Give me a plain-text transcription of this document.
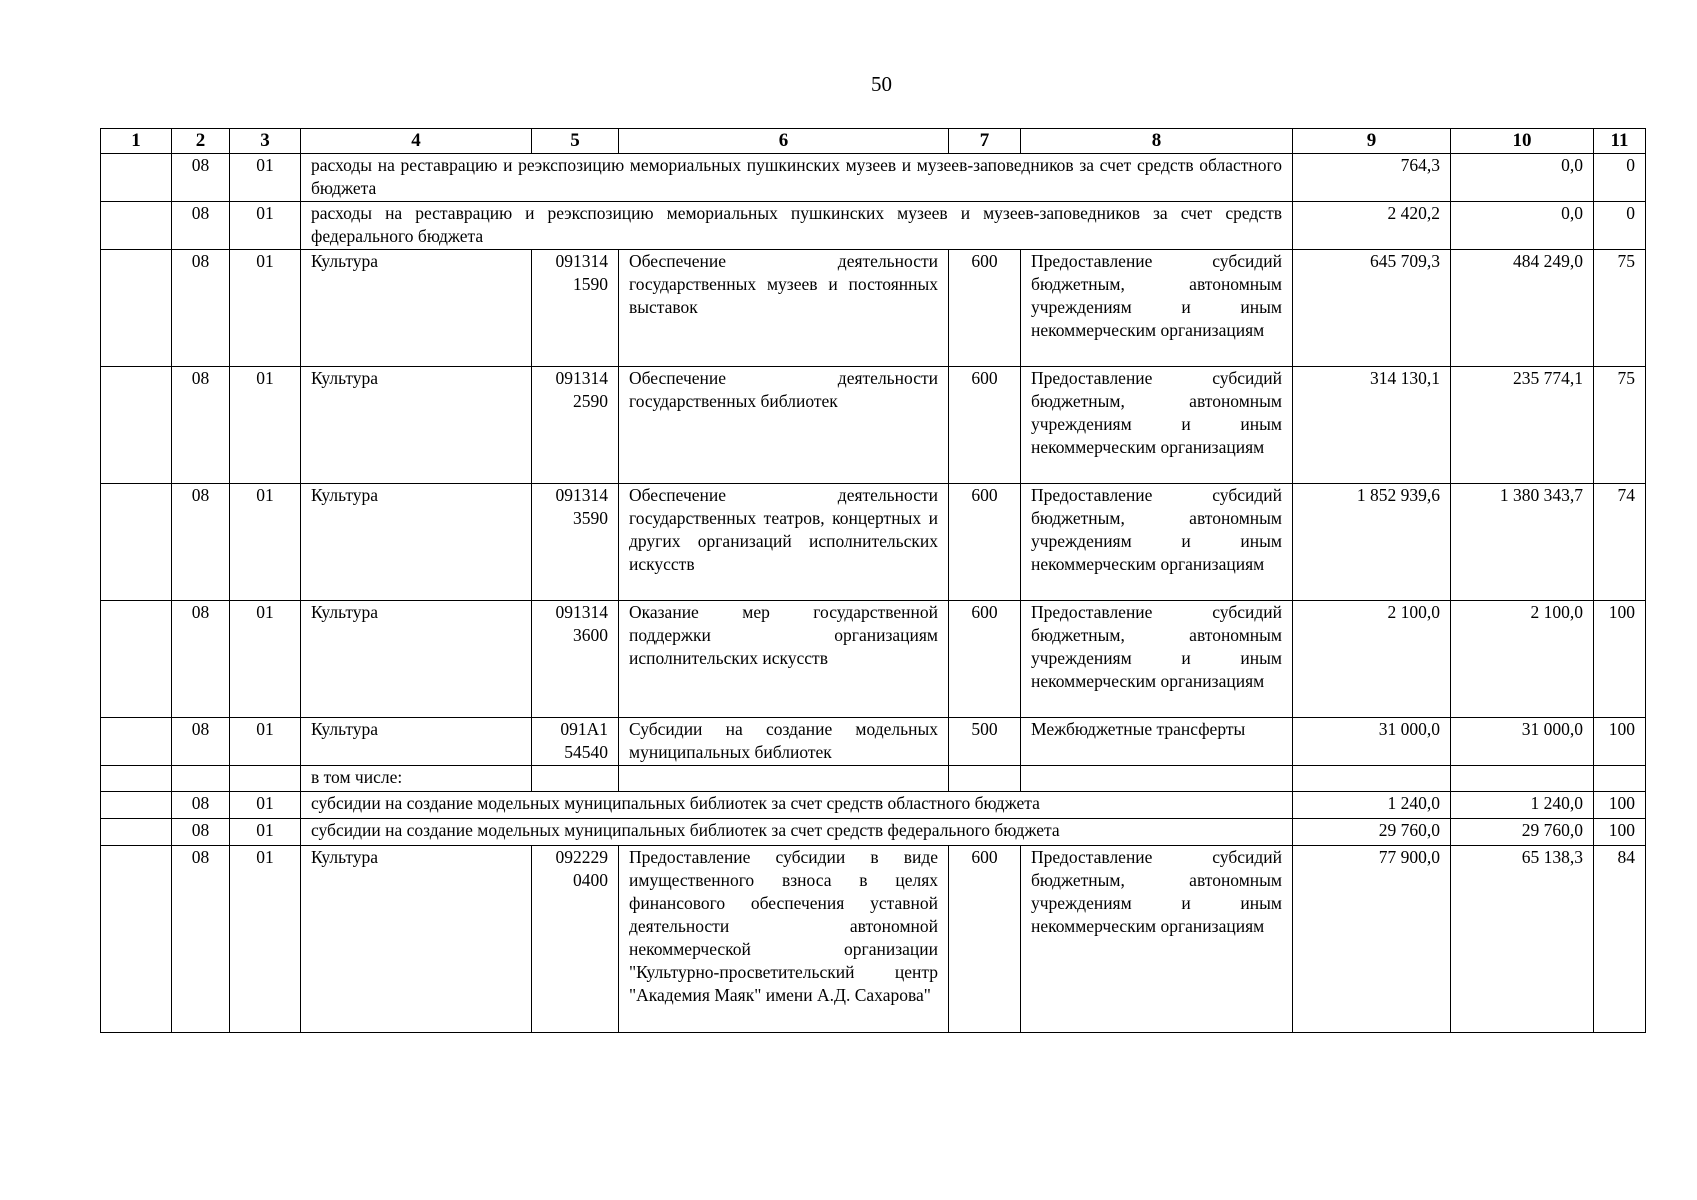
50
1	2	3	4	5	6	7	8	9	10	11
	08	01	расходы на реставрацию и реэкспозицию мемориальных пушкинских музеев и музеев-заповедников за счет средств областного бюджета					764,3	0,0	0
	08	01	расходы на реставрацию и реэкспозицию мемориальных пушкинских музеев и музеев-заповедников за счет средств федерального бюджета					2 420,2	0,0	0
	08	01	Культура	091314
1590	Обеспечение деятельности государственных музеев и постоянных выставок	600	Предоставление субсидий бюджетным, автономным учреждениям и иным некоммерческим организациям	645 709,3	484 249,0	75
	08	01	Культура	091314
2590	Обеспечение деятельности государственных библиотек	600	Предоставление субсидий бюджетным, автономным учреждениям и иным некоммерческим организациям	314 130,1	235 774,1	75
	08	01	Культура	091314
3590	Обеспечение деятельности государственных театров, концертных и других организаций исполнительских искусств	600	Предоставление субсидий бюджетным, автономным учреждениям и иным некоммерческим организациям	1 852 939,6	1 380 343,7	74
	08	01	Культура	091314
3600	Оказание мер государственной поддержки организациям исполнительских искусств	600	Предоставление субсидий бюджетным, автономным учреждениям и иным некоммерческим организациям	2 100,0	2 100,0	100
	08	01	Культура	091A1
54540	Субсидии на создание модельных муниципальных библиотек	500	Межбюджетные трансферты	31 000,0	31 000,0	100
			в том числе:							
	08	01	субсидии на создание модельных муниципальных библиотек за счет средств областного бюджета					1 240,0	1 240,0	100
	08	01	субсидии на создание модельных муниципальных библиотек за счет средств федерального бюджета					29 760,0	29 760,0	100
	08	01	Культура	092229
0400	Предоставление субсидии в виде имущественного взноса в целях финансового обеспечения уставной деятельности автономной некоммерческой организации "Культурно-просветительский центр "Академия Маяк" имени А.Д. Сахарова"	600	Предоставление субсидий бюджетным, автономным учреждениям и иным некоммерческим организациям	77 900,0	65 138,3	84
